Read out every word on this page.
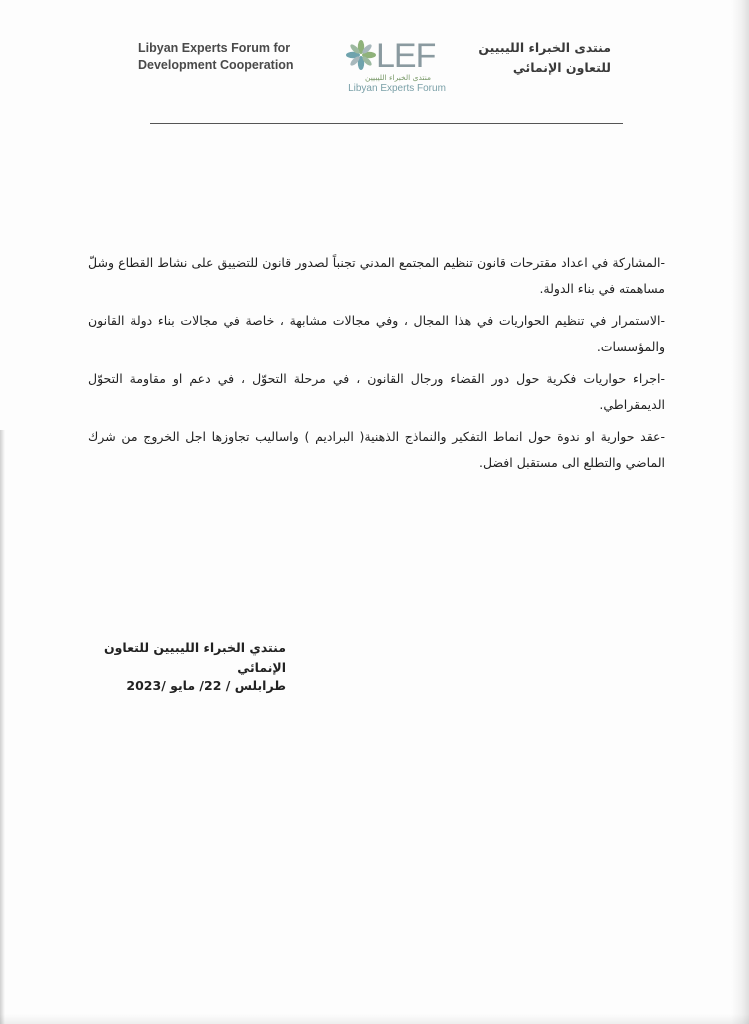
Libyan Experts Forum for
Development Cooperation	LEF
منتدى الخبراء الليبيين
Libyan Experts Forum
منتدى الخبراء الليبيين
للتعاون الإنمائي

-المشاركة في اعداد مقترحات قانون تنظيم المجتمع المدني تجنباً لصدور قانون للتضييق على نشاط القطاع وشلّ مساهمته في بناء الدولة.

-الاستمرار في تنظيم الحواريات في هذا المجال ، وفي مجالات مشابهة ، خاصة في مجالات بناء دولة القانون والمؤسسات.

-اجراء حواريات فكرية حول دور القضاء ورجال القانون ، في مرحلة التحوّل ، في دعم او مقاومة التحوّل الديمقراطي.

-عقد حوارية او ندوة حول انماط التفكير والنماذج الذهنية( البراديم ) واساليب تجاوزها اجل الخروج من شرك الماضي والتطلع الى مستقبل افضل.

منتدي الخبراء الليبيين للتعاون الإنمائي
طرابلس / 22/ مايو /2023
